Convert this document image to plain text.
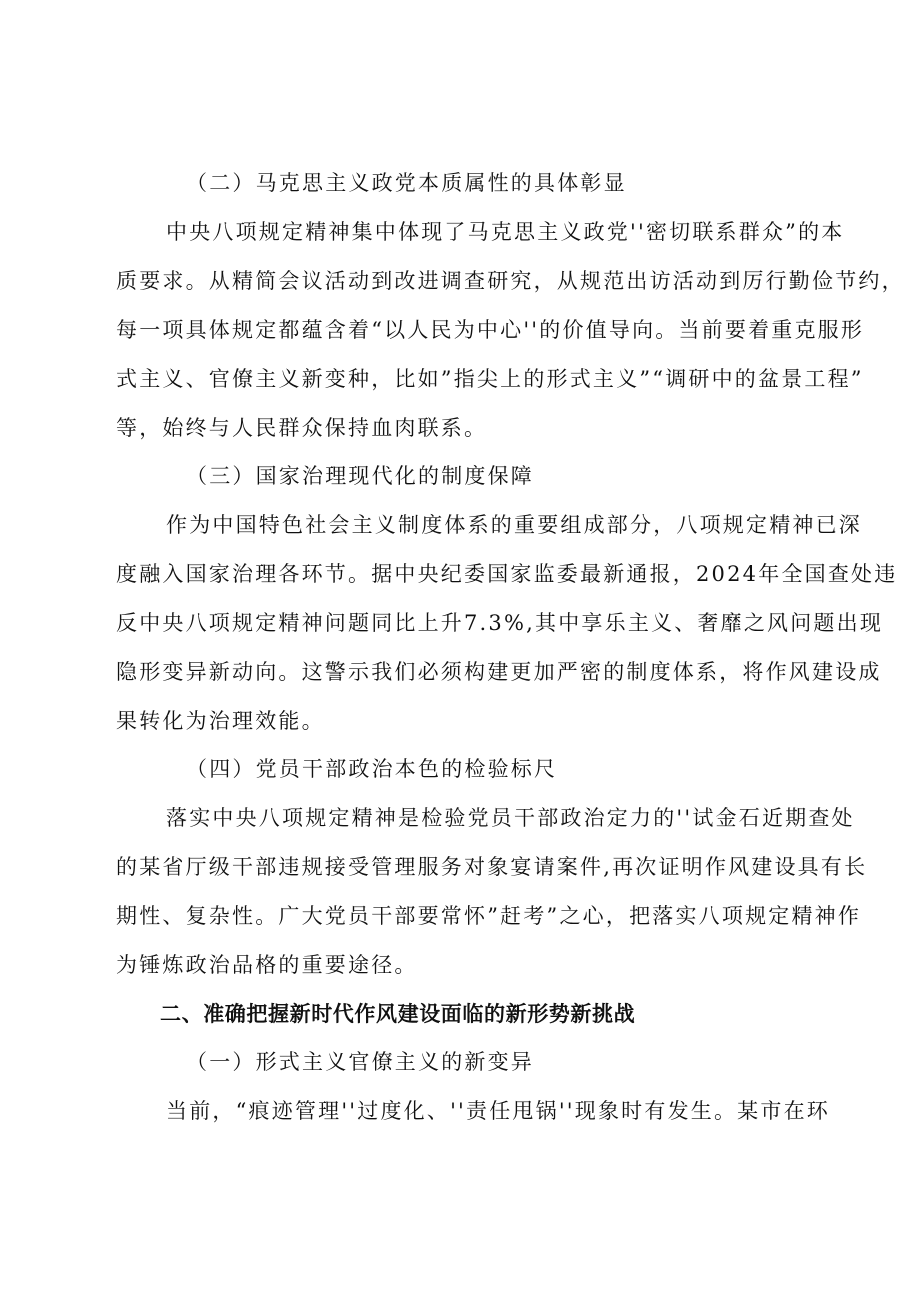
（二）马克思主义政党本质属性的具体彰显
中央八项规定精神集中体现了马克思主义政党''密切联系群众”的本
质要求。从精简会议活动到改进调查研究，从规范出访活动到厉行勤俭节约，
每一项具体规定都蕴含着“以人民为中心''的价值导向。当前要着重克服形
式主义、官僚主义新变种，比如”指尖上的形式主义”“调研中的盆景工程”
等，始终与人民群众保持血肉联系。
（三）国家治理现代化的制度保障
作为中国特色社会主义制度体系的重要组成部分，八项规定精神已深
度融入国家治理各环节。据中央纪委国家监委最新通报，2024年全国查处违
反中央八项规定精神问题同比上升7.3%,其中享乐主义、奢靡之风问题出现
隐形变异新动向。这警示我们必须构建更加严密的制度体系，将作风建设成
果转化为治理效能。
（四）党员干部政治本色的检验标尺
落实中央八项规定精神是检验党员干部政治定力的''试金石近期查处
的某省厅级干部违规接受管理服务对象宴请案件,再次证明作风建设具有长
期性、复杂性。广大党员干部要常怀”赶考”之心，把落实八项规定精神作
为锤炼政治品格的重要途径。
二、准确把握新时代作风建设面临的新形势新挑战
（一）形式主义官僚主义的新变异
当前，“痕迹管理''过度化、''责任甩锅''现象时有发生。某市在环
